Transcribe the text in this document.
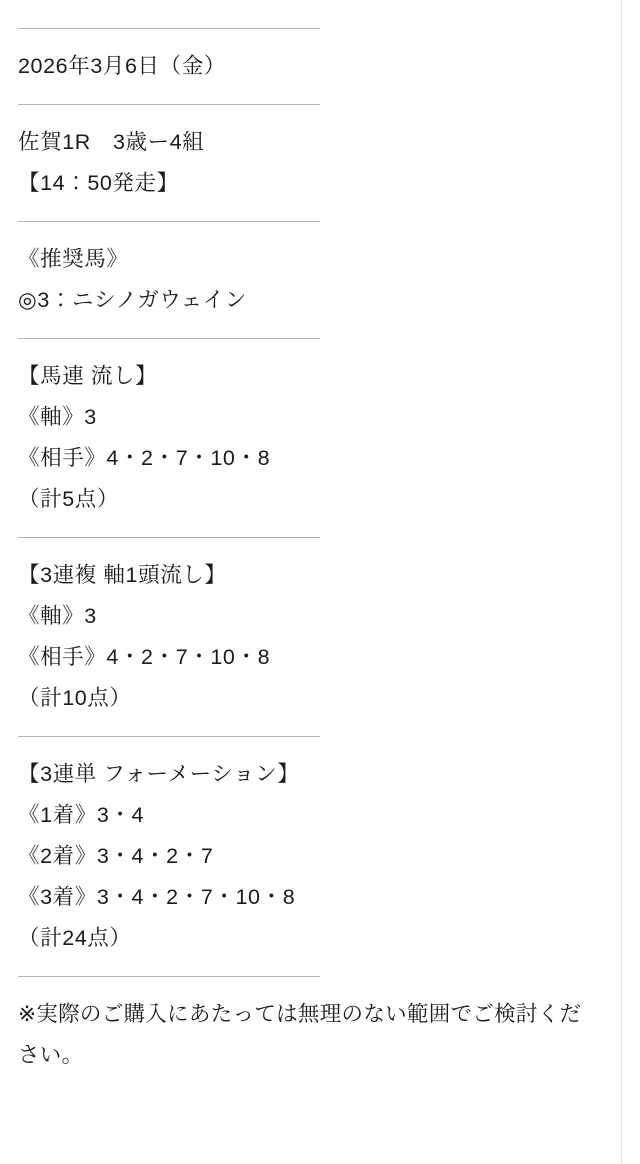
2026年3月6日（金）
佐賀1R　3歳ー4組
【14：50発走】
《推奨馬》
◎3：ニシノガウェイン
【馬連 流し】
《軸》3
《相手》4・2・7・10・8
（計5点）
【3連複 軸1頭流し】
《軸》3
《相手》4・2・7・10・8
（計10点）
【3連単 フォーメーション】
《1着》3・4
《2着》3・4・2・7
《3着》3・4・2・7・10・8
（計24点）
※実際のご購入にあたっては無理のない範囲でご検討ください。
